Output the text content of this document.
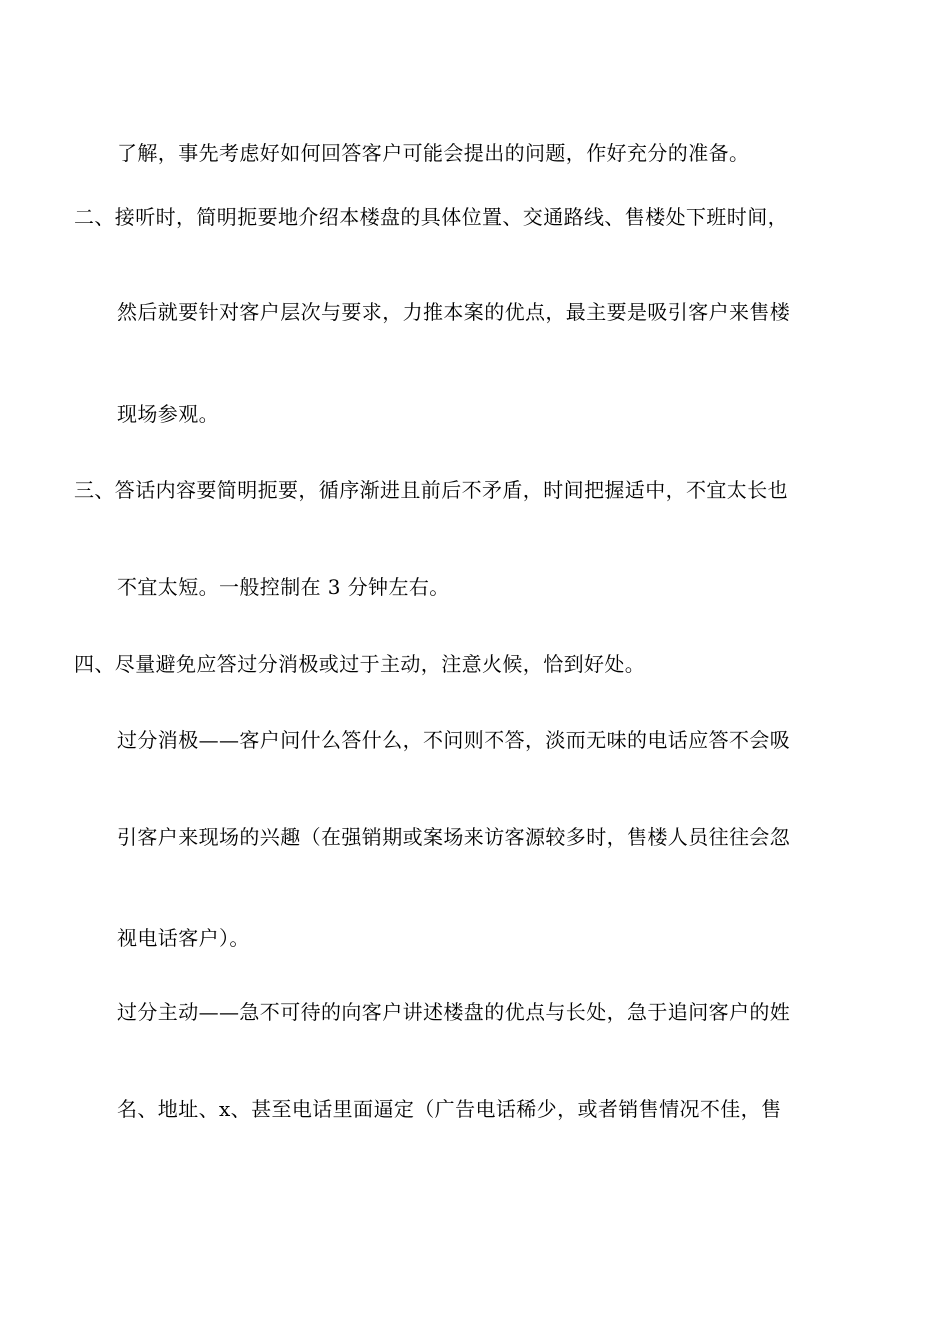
了解，事先考虑好如何回答客户可能会提出的问题，作好充分的准备。
二、接听时，简明扼要地介绍本楼盘的具体位置、交通路线、售楼处下班时间，
然后就要针对客户层次与要求，力推本案的优点，最主要是吸引客户来售楼
现场参观。
三、答话内容要简明扼要，循序渐进且前后不矛盾，时间把握适中，不宜太长也
不宜太短。一般控制在 3 分钟左右。
四、尽量避免应答过分消极或过于主动，注意火候，恰到好处。
过分消极——客户问什么答什么，不问则不答，淡而无味的电话应答不会吸
引客户来现场的兴趣（在强销期或案场来访客源较多时，售楼人员往往会忽
视电话客户）。
过分主动——急不可待的向客户讲述楼盘的优点与长处，急于追问客户的姓
名、地址、x、甚至电话里面逼定（广告电话稀少，或者销售情况不佳，售
